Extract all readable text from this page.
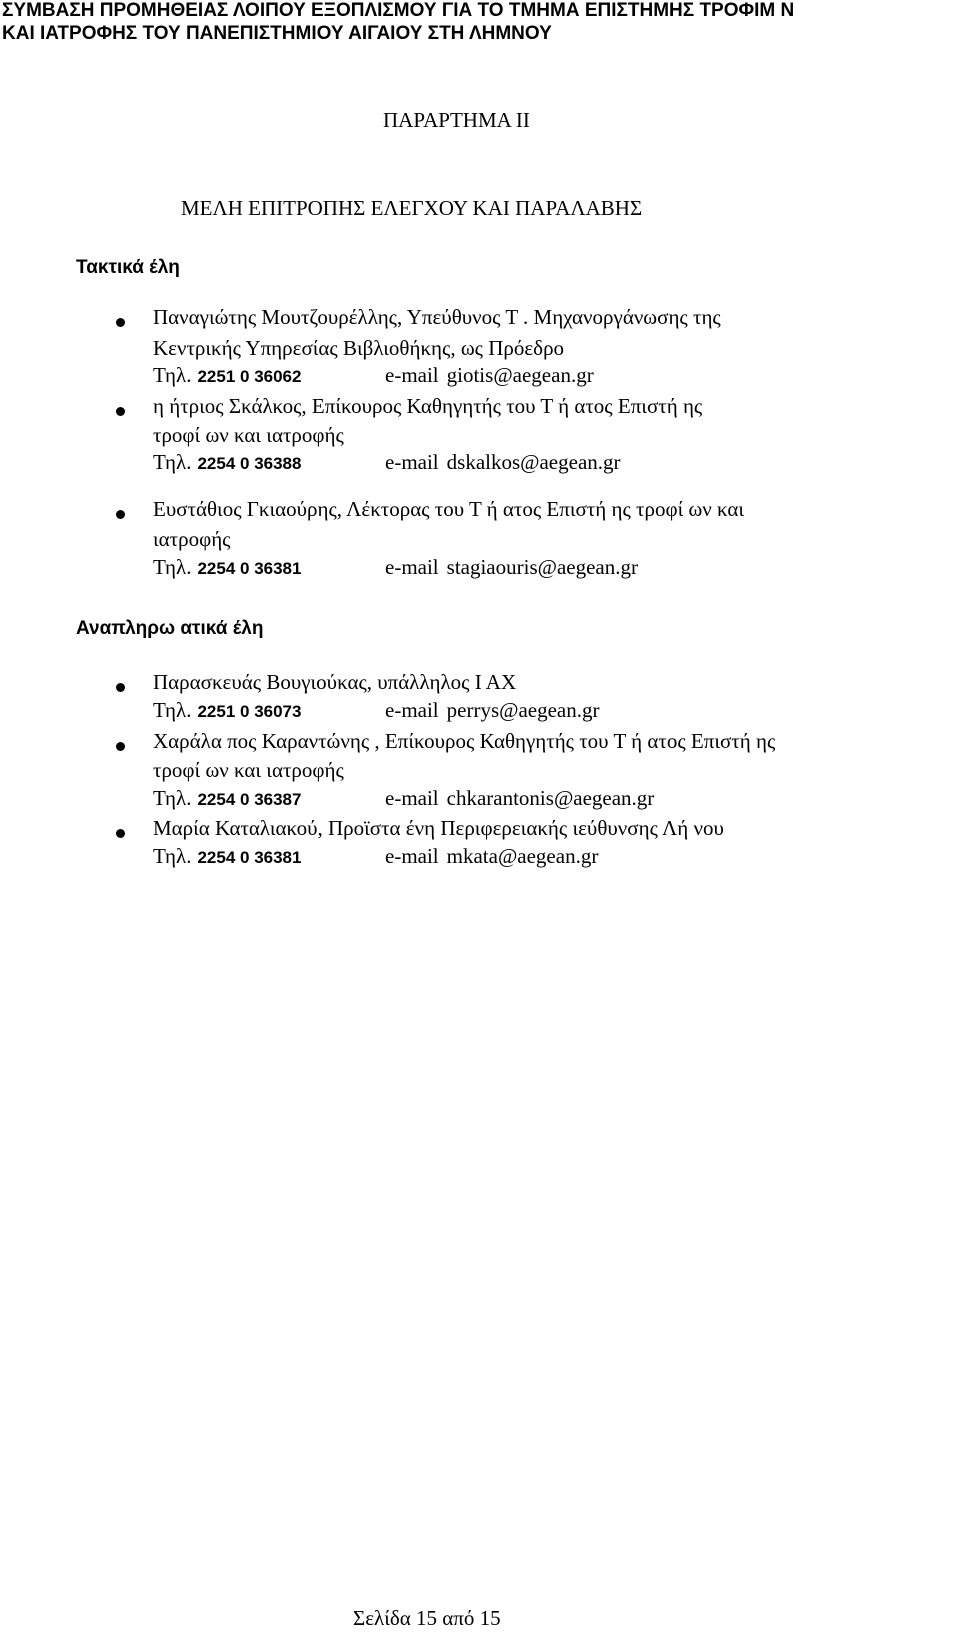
ΣΥΜΒΑΣΗ ΠΡΟΜΗΘΕΙΑΣ ΛΟΙΠΟΥ ΕΞΟΠΛΙΣΜΟΥ ΓΙΑ ΤΟ ΤΜΗΜΑ ΕΠΙΣΤΗΜΗΣ ΤΡΟΦΙΜ Ν
ΚΑΙ ΙΑΤΡΟΦΗΣ ΤΟΥ ΠΑΝΕΠΙΣΤΗΜΙΟΥ ΑΙΓΑΙΟΥ ΣΤΗ ΛΗΜΝΟΥ
ΠΑΡΑΡΤΗΜΑ ΙΙ
ΜΕΛΗ ΕΠΙΤΡΟΠΗΣ ΕΛΕΓΧΟΥ ΚΑΙ ΠΑΡΑΛΑΒΗΣ
Τακτικά έλη
Παναγιώτης Μουτζουρέλλης, Υπεύθυνος Τ . Μηχανοργάνωσης της
Κεντρικής Υπηρεσίας Βιβλιοθήκης, ως Πρόεδρο
Τηλ. 2251 0 36062	e-mail giotis@aegean.gr
η ήτριος Σκάλκος, Επίκουρος Καθηγητής του Τ ή ατος Επιστή ης
τροφί ων και ιατροφής
Τηλ. 2254 0 36388	e-mail dskalkos@aegean.gr
Ευστάθιος Γκιαούρης, Λέκτορας του Τ ή ατος Επιστή ης τροφί ων και
ιατροφής
Τηλ. 2254 0 36381	e-mail stagiaouris@aegean.gr
Αναπληρω ατικά έλη
Παρασκευάς Βουγιούκας, υπάλληλος Ι ΑΧ
Τηλ. 2251 0 36073	e-mail perrys@aegean.gr
Χαράλα πος Καραντώνης , Επίκουρος Καθηγητής του Τ ή ατος Επιστή ης
τροφί ων και ιατροφής
Τηλ. 2254 0 36387	e-mail chkarantonis@aegean.gr
Μαρία Καταλιακού, Προϊστα ένη Περιφερειακής ιεύθυνσης Λή νου
Τηλ. 2254 0 36381	e-mail mkata@aegean.gr
Σελίδα 15 από 15
